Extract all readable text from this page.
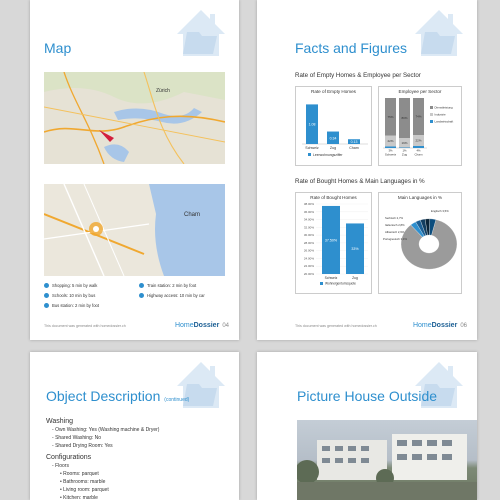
Map
Zürich
Cham
Shopping: 5 min by walk	Train station: 2 min by foot
Schools: 10 min by bus	Highway access: 10 min by car
Bus station: 2 min by foot
This document was generated with homedossier.ch	HomeDossier 04
Facts and Figures
Rate of Empty Homes & Employee per Sector
Rate of Empty Homes
1.08
Schweiz
0.34
Zug
0.13
Cham
Leerwohnungsziffer
Employee per Sector
22%
75%
3%
Schweiz
19%
80%
1%
Zug
22%
74%
4%
Cham
Dienstleistung
Industrie
Landwirtschaft
Rate of Bought Homes & Main Languages in %
Rate of Bought Homes
20.00%
22.00%
24.00%
26.00%
28.00%
30.00%
32.00%
34.00%
36.00%
38.00%
37.50%
Schweiz
33%
Zug
Wohneigentumsquote
Main Languages in %
Deutsch 84,7%
Portugiesisch 3,4%
Albanisch 2,9%
Italienisch 2,8%
Serbisch 2,7%
Englisch 3,5%
This document was generated with homedossier.ch	HomeDossier 06
Object Description (continued)
Washing
- Own Washing: Yes (Washing machine & Dryer)
- Shared Washing: No
- Shared Drying Room: Yes
Configurations
- Floors
• Rooms: parquet
• Bathrooms: marble
• Living room: parquet
• Kitchen: marble
Picture House Outside
